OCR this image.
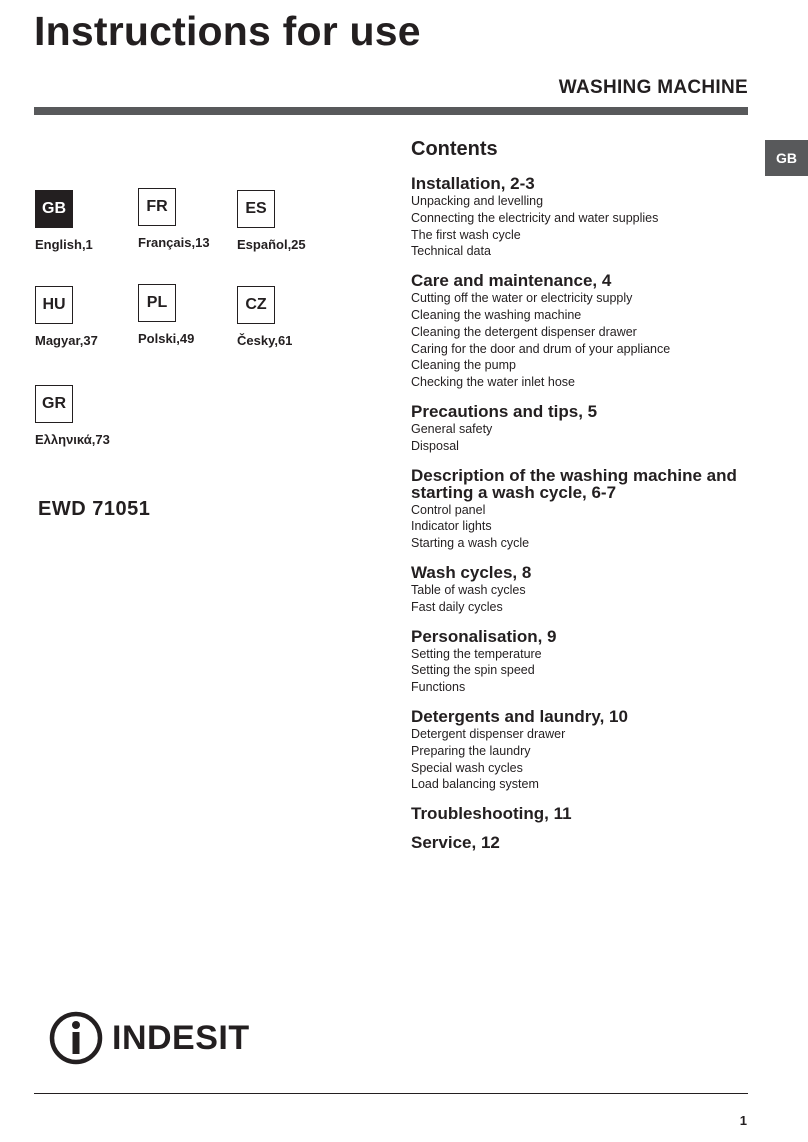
Instructions for use
WASHING MACHINE
GB
GB
English,1
FR
Français,13
ES
Español,25
HU
Magyar,37
PL
Polski,49
CZ
Česky,61
GR
Ελληνικά,73
EWD 71051
Contents
Installation, 2-3
Unpacking and levelling
Connecting the electricity and water supplies
The first wash cycle
Technical data
Care and maintenance, 4
Cutting off the water or electricity supply
Cleaning the washing machine
Cleaning the detergent dispenser drawer
Caring for the door and drum of your appliance
Cleaning the pump
Checking the water inlet hose
Precautions and tips, 5
General safety
Disposal
Description of the washing machine and starting a wash cycle, 6-7
Control panel
Indicator lights
Starting a wash cycle
Wash cycles, 8
Table of wash cycles
Fast daily cycles
Personalisation, 9
Setting the temperature
Setting the spin speed
Functions
Detergents and laundry, 10
Detergent dispenser drawer
Preparing the laundry
Special wash cycles
Load balancing system
Troubleshooting, 11
Service, 12
INDESIT
1
